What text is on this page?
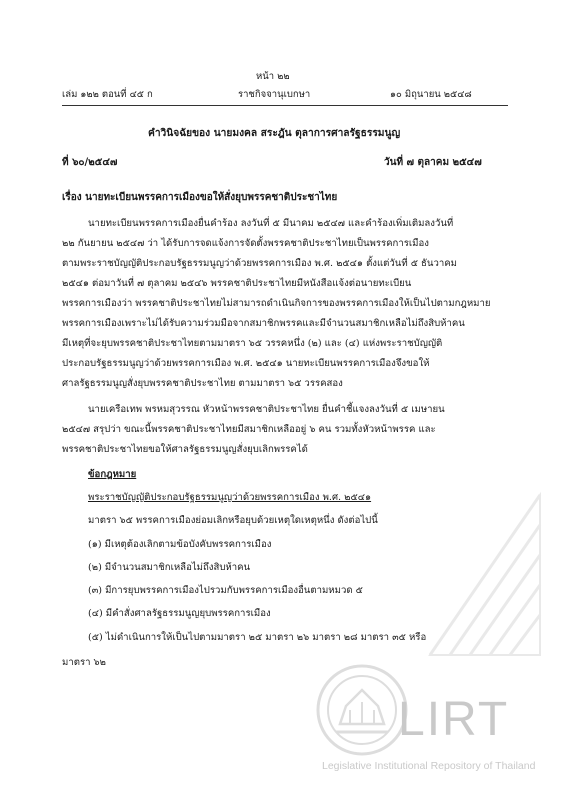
หน้า ๒๒
เล่ม ๑๒๒ ตอนที่ ๔๕ ก	ราชกิจจานุเบกษา	๑๐ มิถุนายน ๒๕๔๘
คำวินิจฉัยของ นายมงคล สระฎัน ตุลาการศาลรัฐธรรมนูญ
ที่ ๖๐/๒๕๔๗	วันที่ ๗ ตุลาคม ๒๕๔๗
เรื่อง นายทะเบียนพรรคการเมืองขอให้สั่งยุบพรรคชาติประชาไทย
นายทะเบียนพรรคการเมืองยื่นคำร้อง ลงวันที่ ๕ มีนาคม ๒๕๔๗ และคำร้องเพิ่มเติมลงวันที่
๒๒ กันยายน ๒๕๔๗ ว่า ได้รับการจดแจ้งการจัดตั้งพรรคชาติประชาไทยเป็นพรรคการเมือง
ตามพระราชบัญญัติประกอบรัฐธรรมนูญว่าด้วยพรรคการเมือง พ.ศ. ๒๕๔๑ ตั้งแต่วันที่ ๕ ธันวาคม
๒๕๔๑ ต่อมาวันที่ ๗ ตุลาคม ๒๕๔๖ พรรคชาติประชาไทยมีหนังสือแจ้งต่อนายทะเบียน
พรรคการเมืองว่า พรรคชาติประชาไทยไม่สามารถดำเนินกิจการของพรรคการเมืองให้เป็นไปตามกฎหมาย
พรรคการเมืองเพราะไม่ได้รับความร่วมมือจากสมาชิกพรรคและมีจำนวนสมาชิกเหลือไม่ถึงสิบห้าคน
มีเหตุที่จะยุบพรรคชาติประชาไทยตามมาตรา ๖๕ วรรคหนึ่ง (๒) และ (๔) แห่งพระราชบัญญัติ
ประกอบรัฐธรรมนูญว่าด้วยพรรคการเมือง พ.ศ. ๒๕๔๑ นายทะเบียนพรรคการเมืองจึงขอให้
ศาลรัฐธรรมนูญสั่งยุบพรรคชาติประชาไทย ตามมาตรา ๖๕ วรรคสอง
นายเครือเทพ พรหมสุวรรณ หัวหน้าพรรคชาติประชาไทย ยื่นคำชี้แจงลงวันที่ ๕ เมษายน
๒๕๔๗ สรุปว่า ขณะนี้พรรคชาติประชาไทยมีสมาชิกเหลืออยู่ ๖ คน รวมทั้งหัวหน้าพรรค และ
พรรคชาติประชาไทยขอให้ศาลรัฐธรรมนูญสั่งยุบเลิกพรรคได้
ข้อกฎหมาย
พระราชบัญญัติประกอบรัฐธรรมนูญว่าด้วยพรรคการเมือง พ.ศ. ๒๕๔๑
มาตรา ๖๕ พรรคการเมืองย่อมเลิกหรือยุบด้วยเหตุใดเหตุหนึ่ง ดังต่อไปนี้
(๑) มีเหตุต้องเลิกตามข้อบังคับพรรคการเมือง
(๒) มีจำนวนสมาชิกเหลือไม่ถึงสิบห้าคน
(๓) มีการยุบพรรคการเมืองไปรวมกับพรรคการเมืองอื่นตามหมวด ๕
(๔) มีคำสั่งศาลรัฐธรรมนูญยุบพรรคการเมือง
(๕) ไม่ดำเนินการให้เป็นไปตามมาตรา ๒๕ มาตรา ๒๖ มาตรา ๒๘ มาตรา ๓๕ หรือ
มาตรา ๖๒
LIRT
Legislative Institutional Repository of Thailand
